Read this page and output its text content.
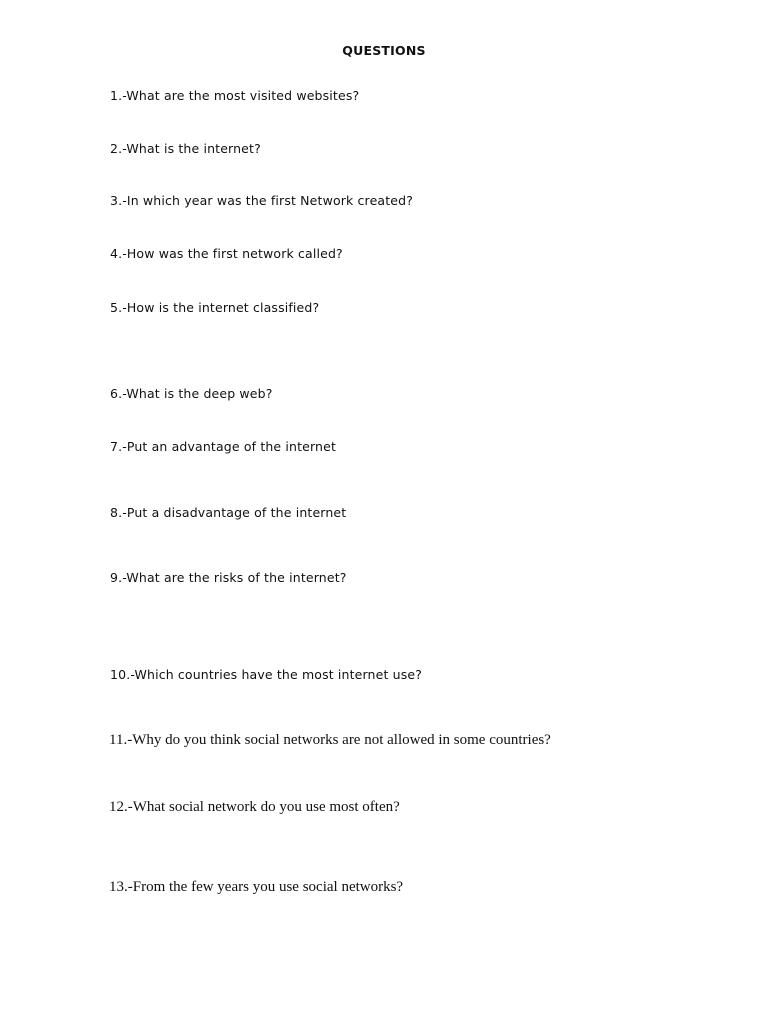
QUESTIONS
1.-What are the most visited websites?
2.-What is the internet?
3.-In which year was the first Network created?
4.-How was the first network called?
5.-How is the internet classified?
6.-What is the deep web?
7.-Put an advantage of the internet
8.-Put a disadvantage of the internet
9.-What are the risks of the internet?
10.-Which countries have the most internet use?
11.-Why do you think social networks are not allowed in some countries?
12.-What social network do you use most often?
13.-From the few years you use social networks?
